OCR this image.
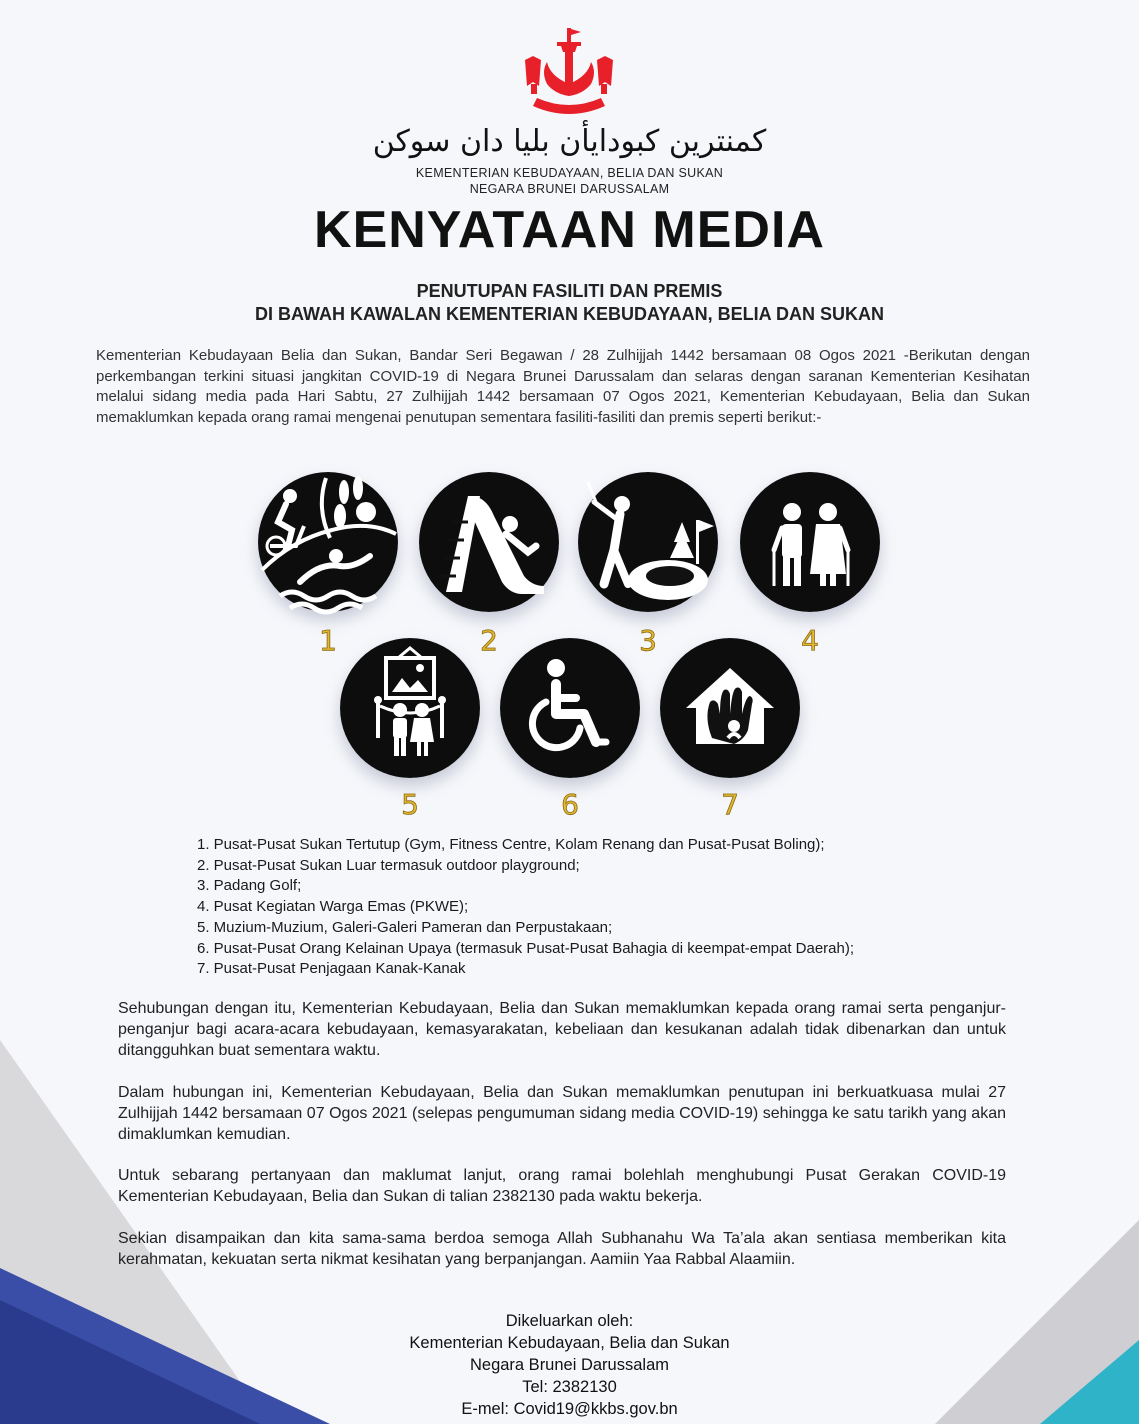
كمنترين كبودايأن بليا دان سوكن
KEMENTERIAN KEBUDAYAAN, BELIA DAN SUKAN
NEGARA BRUNEI DARUSSALAM
KENYATAAN MEDIA
PENUTUPAN FASILITI DAN PREMIS
DI BAWAH KAWALAN KEMENTERIAN KEBUDAYAAN, BELIA DAN SUKAN

Kementerian Kebudayaan Belia dan Sukan, Bandar Seri Begawan / 28 Zulhijjah 1442 bersamaan 08 Ogos 2021 -Berikutan dengan perkembangan terkini situasi jangkitan COVID-19 di Negara Brunei Darussalam dan selaras dengan saranan Kementerian Kesihatan melalui sidang media pada Hari Sabtu, 27 Zulhijjah 1442 bersamaan 07 Ogos 2021, Kementerian Kebudayaan, Belia dan Sukan memaklumkan kepada orang ramai mengenai penutupan sementara fasiliti-fasiliti dan premis seperti berikut:-

1	2	3	4
5	6	7
1. Pusat-Pusat Sukan Tertutup (Gym, Fitness Centre, Kolam Renang dan Pusat-Pusat Boling);
2. Pusat-Pusat Sukan Luar termasuk outdoor playground;
3. Padang Golf;
4. Pusat Kegiatan Warga Emas (PKWE);
5. Muzium-Muzium, Galeri-Galeri Pameran dan Perpustakaan;
6. Pusat-Pusat Orang Kelainan Upaya (termasuk Pusat-Pusat Bahagia di keempat-empat Daerah);
7. Pusat-Pusat Penjagaan Kanak-Kanak

Sehubungan dengan itu, Kementerian Kebudayaan, Belia dan Sukan memaklumkan kepada orang ramai serta penganjur-penganjur bagi acara-acara kebudayaan, kemasyarakatan, kebeliaan dan kesukanan adalah tidak dibenarkan dan untuk ditangguhkan buat sementara waktu.

Dalam hubungan ini, Kementerian Kebudayaan, Belia dan Sukan memaklumkan penutupan ini berkuatkuasa mulai 27 Zulhijjah 1442 bersamaan 07 Ogos 2021 (selepas pengumuman sidang media COVID-19) sehingga ke satu tarikh yang akan dimaklumkan kemudian.

Untuk sebarang pertanyaan dan maklumat lanjut, orang ramai bolehlah menghubungi Pusat Gerakan COVID-19 Kementerian Kebudayaan, Belia dan Sukan di talian 2382130 pada waktu bekerja.

Sekian disampaikan dan kita sama-sama berdoa semoga Allah Subhanahu Wa Ta’ala akan sentiasa memberikan kita kerahmatan, kekuatan serta nikmat kesihatan yang berpanjangan. Aamiin Yaa Rabbal Alaamiin.

Dikeluarkan oleh:
Kementerian Kebudayaan, Belia dan Sukan
Negara Brunei Darussalam
Tel: 2382130
E-mel: Covid19@kkbs.gov.bn
